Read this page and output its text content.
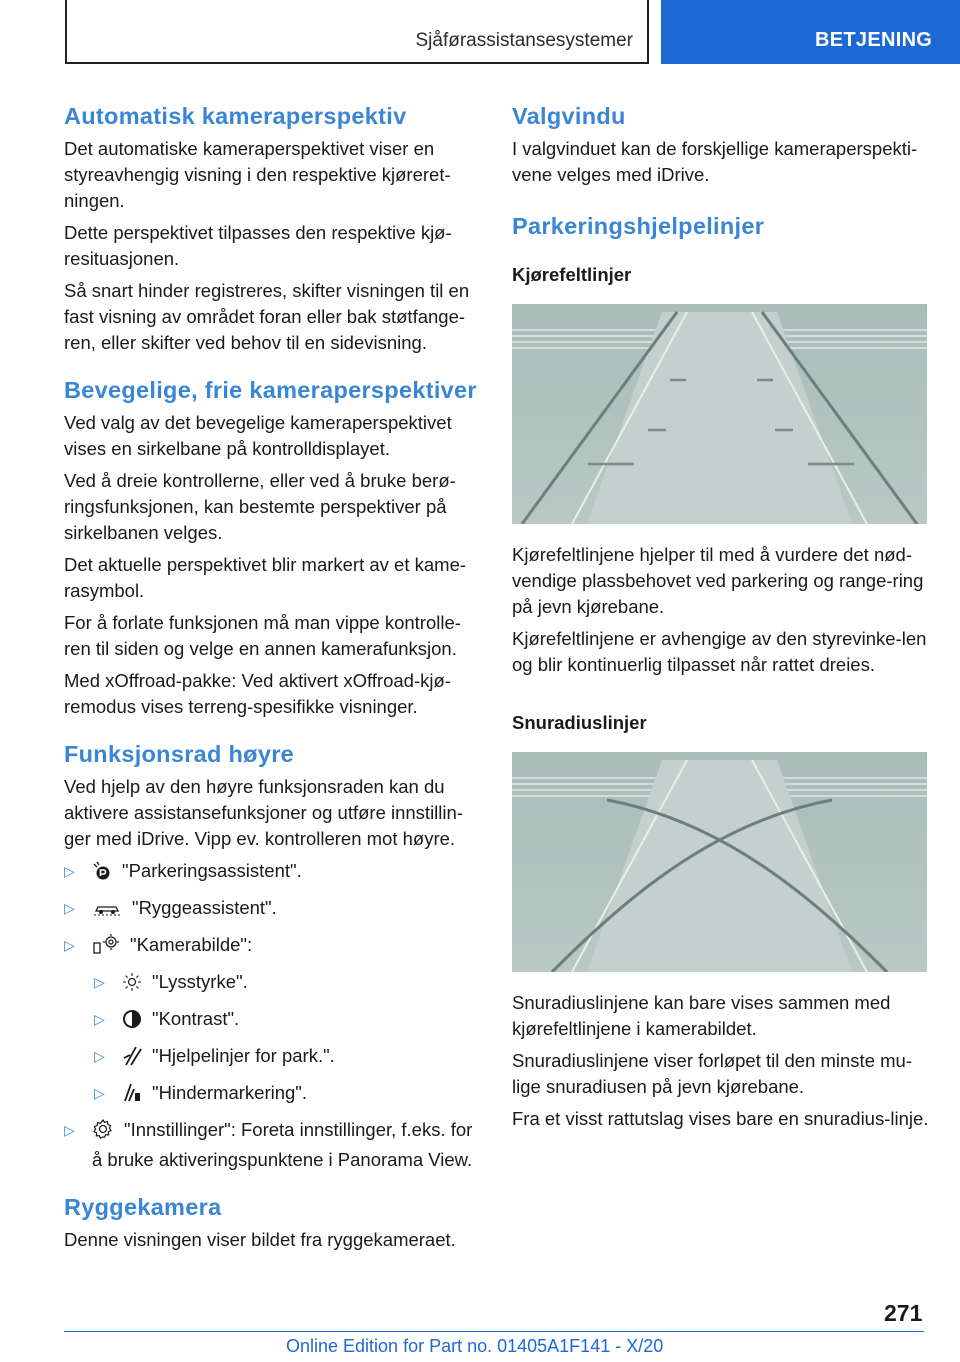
Sjåførassistansesystemer	BETJENING
Automatisk kameraperspektiv

Det automatiske kameraperspektivet viser en styreavhengig visning i den respektive kjøreret-ningen.

Dette perspektivet tilpasses den respektive kjø-resituasjonen.

Så snart hinder registreres, skifter visningen til en fast visning av området foran eller bak støtfange-ren, eller skifter ved behov til en sidevisning.

Bevegelige, frie kameraperspektiver

Ved valg av det bevegelige kameraperspektivet vises en sirkelbane på kontrolldisplayet.

Ved å dreie kontrollerne, eller ved å bruke berø-ringsfunksjonen, kan bestemte perspektiver på sirkelbanen velges.

Det aktuelle perspektivet blir markert av et kame-rasymbol.

For å forlate funksjonen må man vippe kontrolle-ren til siden og velge en annen kamerafunksjon.

Med xOffroad-pakke: Ved aktivert xOffroad-kjø-remodus vises terreng-spesifikke visninger.

Funksjonsrad høyre

Ved hjelp av den høyre funksjonsraden kan du aktivere assistansefunksjoner og utføre innstillin-ger med iDrive. Vipp ev. kontrolleren mot høyre.

▷	"Parkeringsassistent".
▷	"Ryggeassistent".
▷	"Kamerabilde":
▷	"Lysstyrke".
▷	"Kontrast".
▷	"Hjelpelinjer for park.".
▷	"Hindermarkering".
▷	"Innstillinger": Foreta innstillinger, f.eks. for å bruke aktiveringspunktene i Panorama View.
Ryggekamera

Denne visningen viser bildet fra ryggekameraet.

Valgvindu

I valgvinduet kan de forskjellige kameraperspekti-vene velges med iDrive.

Parkeringshjelpelinjer
Kjørefeltlinjer

Kjørefeltlinjene hjelper til med å vurdere det nød-vendige plassbehovet ved parkering og range-ring på jevn kjørebane.

Kjørefeltlinjene er avhengige av den styrevinke-len og blir kontinuerlig tilpasset når rattet dreies.

Snuradiuslinjer

Snuradiuslinjene kan bare vises sammen med kjørefeltlinjene i kamerabildet.

Snuradiuslinjene viser forløpet til den minste mu-lige snuradiusen på jevn kjørebane.

Fra et visst rattutslag vises bare en snuradius-linje.

271
Online Edition for Part no. 01405A1F141 - X/20
